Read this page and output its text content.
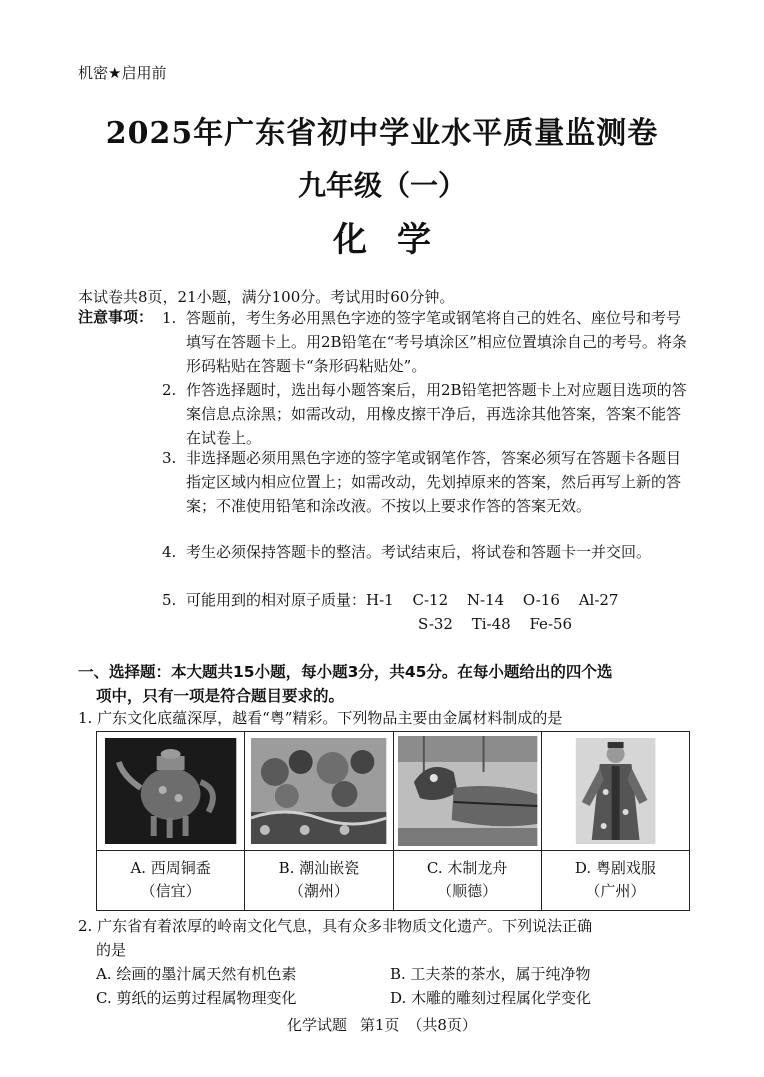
机密★启用前
2025年广东省初中学业水平质量监测卷
九年级（一）
化学
本试卷共8页，21小题，满分100分。考试用时60分钟。
注意事项： 1. 答题前，考生务必用黑色字迹的签字笔或钢笔将自己的姓名、座位号和考号填写在答题卡上。用2B铅笔在“考号填涂区”相应位置填涂自己的考号。将条形码粘贴在答题卡“条形码粘贴处”。
2. 作答选择题时，选出每小题答案后，用2B铅笔把答题卡上对应题目选项的答案信息点涂黑；如需改动，用橡皮擦干净后，再选涂其他答案，答案不能答在试卷上。
3. 非选择题必须用黑色字迹的签字笔或钢笔作答，答案必须写在答题卡各题目指定区域内相应位置上；如需改动，先划掉原来的答案，然后再写上新的答案；不准使用铅笔和涂改液。不按以上要求作答的答案无效。
4. 考生必须保持答题卡的整洁。考试结束后，将试卷和答题卡一并交回。
5. 可能用到的相对原子质量：H-1 C-12 N-14 O-16 Al-27
S-32 Ti-48 Fe-56
一、选择题：本大题共15小题，每小题3分，共45分。在每小题给出的四个选
项中，只有一项是符合题目要求的。
1. 广东文化底蕴深厚，越看“粤”精彩。下列物品主要由金属材料制成的是
A. 西周铜盉
（信宜）
B. 潮汕嵌瓷
（潮州）
C. 木制龙舟
（顺德）
D. 粤剧戏服
（广州）
2. 广东省有着浓厚的岭南文化气息，具有众多非物质文化遗产。下列说法正确
的是
A. 绘画的墨汁属天然有机色素	B. 工夫茶的茶水，属于纯净物
C. 剪纸的运剪过程属物理变化	D. 木雕的雕刻过程属化学变化
化学试题 第1页 （共8页）
